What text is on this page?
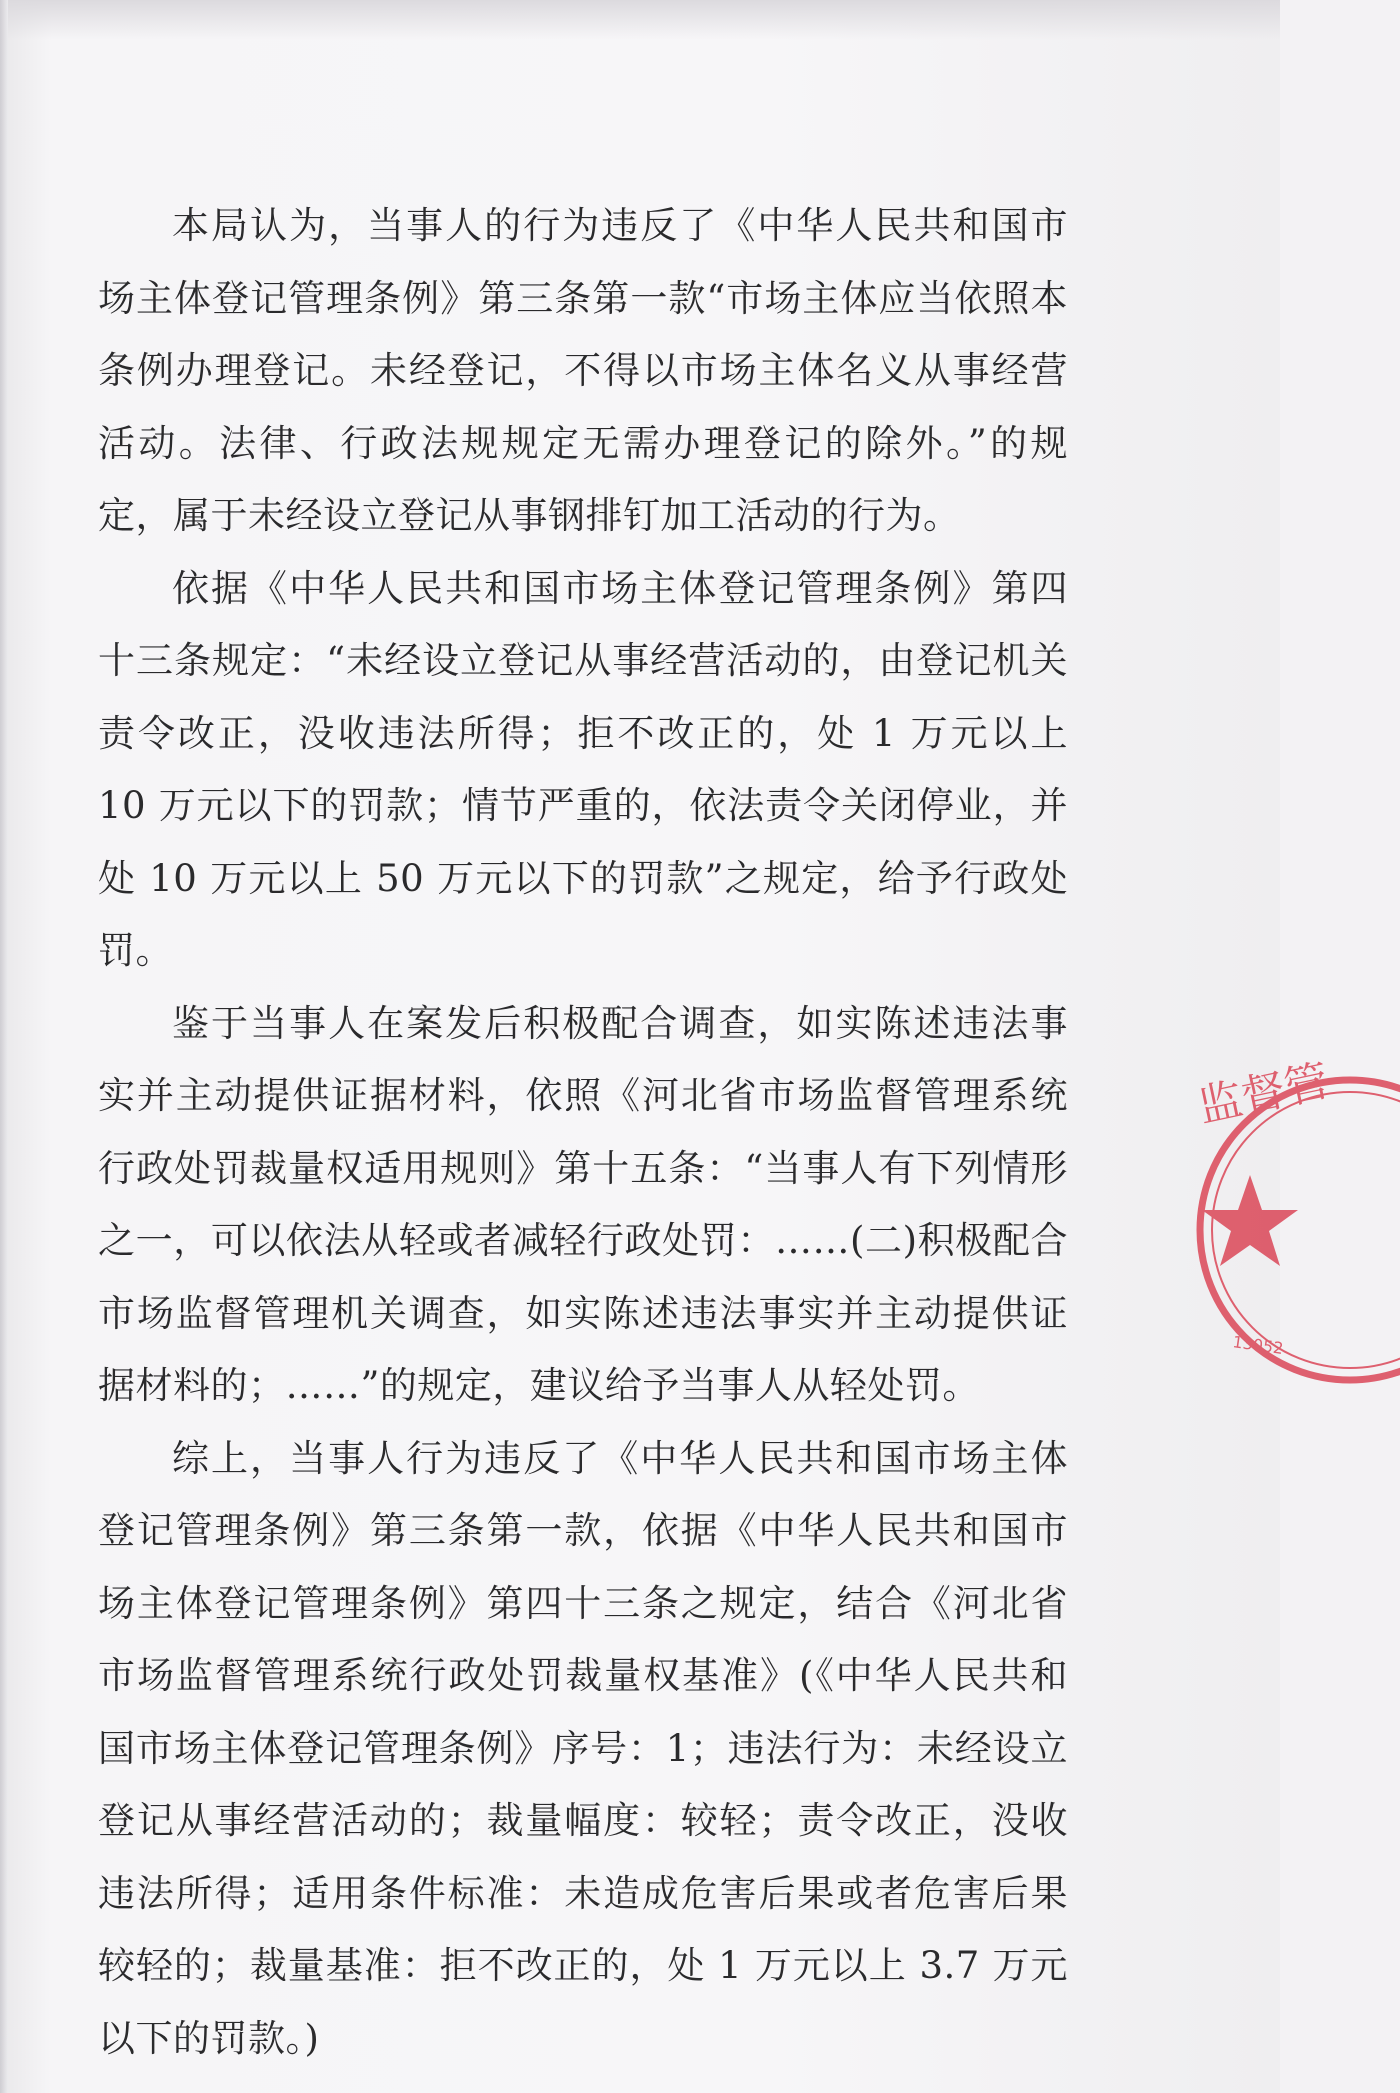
本局认为，当事人的行为违反了《中华人民共和国市场主体登记管理条例》第三条第一款“市场主体应当依照本条例办理登记。未经登记，不得以市场主体名义从事经营活动。法律、行政法规规定无需办理登记的除外。”的规定，属于未经设立登记从事钢排钉加工活动的行为。

依据《中华人民共和国市场主体登记管理条例》第四十三条规定：“未经设立登记从事经营活动的，由登记机关责令改正，没收违法所得；拒不改正的，处 1 万元以上 10 万元以下的罚款；情节严重的，依法责令关闭停业，并处 10 万元以上 50 万元以下的罚款”之规定，给予行政处罚。

鉴于当事人在案发后积极配合调查，如实陈述违法事实并主动提供证据材料，依照《河北省市场监督管理系统行政处罚裁量权适用规则》第十五条：“当事人有下列情形之一，可以依法从轻或者减轻行政处罚：……(二)积极配合市场监督管理机关调查，如实陈述违法事实并主动提供证据材料的；……”的规定，建议给予当事人从轻处罚。

综上，当事人行为违反了《中华人民共和国市场主体登记管理条例》第三条第一款，依据《中华人民共和国市场主体登记管理条例》第四十三条之规定，结合《河北省市场监督管理系统行政处罚裁量权基准》(《中华人民共和国市场主体登记管理条例》序号：1；违法行为：未经设立登记从事经营活动的；裁量幅度：较轻；责令改正，没收违法所得；适用条件标准：未造成危害后果或者危害后果较轻的；裁量基准：拒不改正的，处 1 万元以上 3.7 万元以下的罚款。)

监督管
13052
